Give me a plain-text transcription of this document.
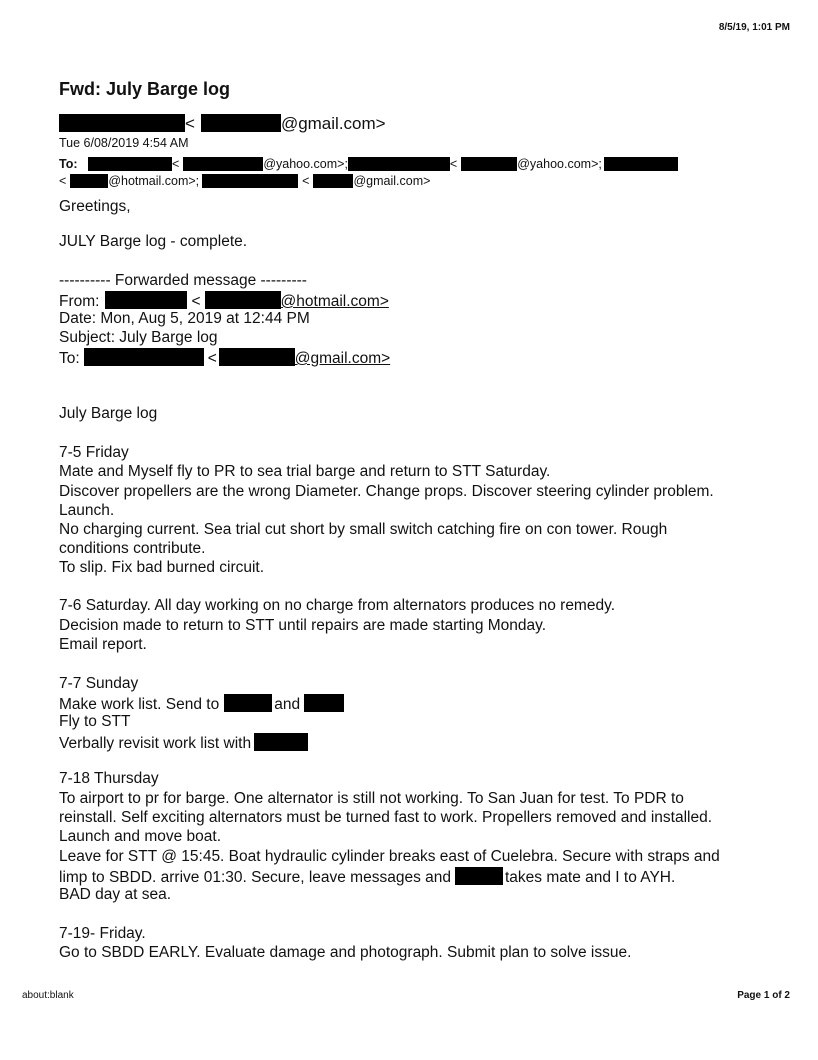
8/5/19, 1:01 PM
about:blank	Page 1 of 2
Fwd: July Barge log
<	@gmail.com>
Tue 6/08/2019 4:54 AM
To:	<	@yahoo.com>;	<	@yahoo.com>;
<	@hotmail.com>;	<	@gmail.com>
Greetings,
JULY Barge log - complete.
---------- Forwarded message ---------
From:	<	@hotmail.com>
Date: Mon, Aug 5, 2019 at 12:44 PM
Subject: July Barge log
To:	<	@gmail.com>
July Barge log
7-5 Friday
Mate and Myself fly to PR to sea trial barge and return to STT Saturday.
Discover propellers are the wrong Diameter. Change props. Discover steering cylinder problem.
Launch.
No charging current. Sea trial cut short by small switch catching fire on con tower. Rough
conditions contribute.
To slip. Fix bad burned circuit.
7-6 Saturday. All day working on no charge from alternators produces no remedy.
Decision made to return to STT until repairs are made starting Monday.
Email report.
7-7 Sunday
Make work list. Send to	and
Fly to STT
Verbally revisit work list with
7-18 Thursday
To airport to pr for barge. One alternator is still not working. To San Juan for test. To PDR to
reinstall. Self exciting alternators must be turned fast to work. Propellers removed and installed.
Launch and move boat.
Leave for STT @ 15:45. Boat hydraulic cylinder breaks east of Cuelebra. Secure with straps and
limp to SBDD. arrive 01:30. Secure, leave messages and	takes mate and I to AYH.
BAD day at sea.
7-19- Friday.
Go to SBDD EARLY. Evaluate damage and photograph. Submit plan to solve issue.
